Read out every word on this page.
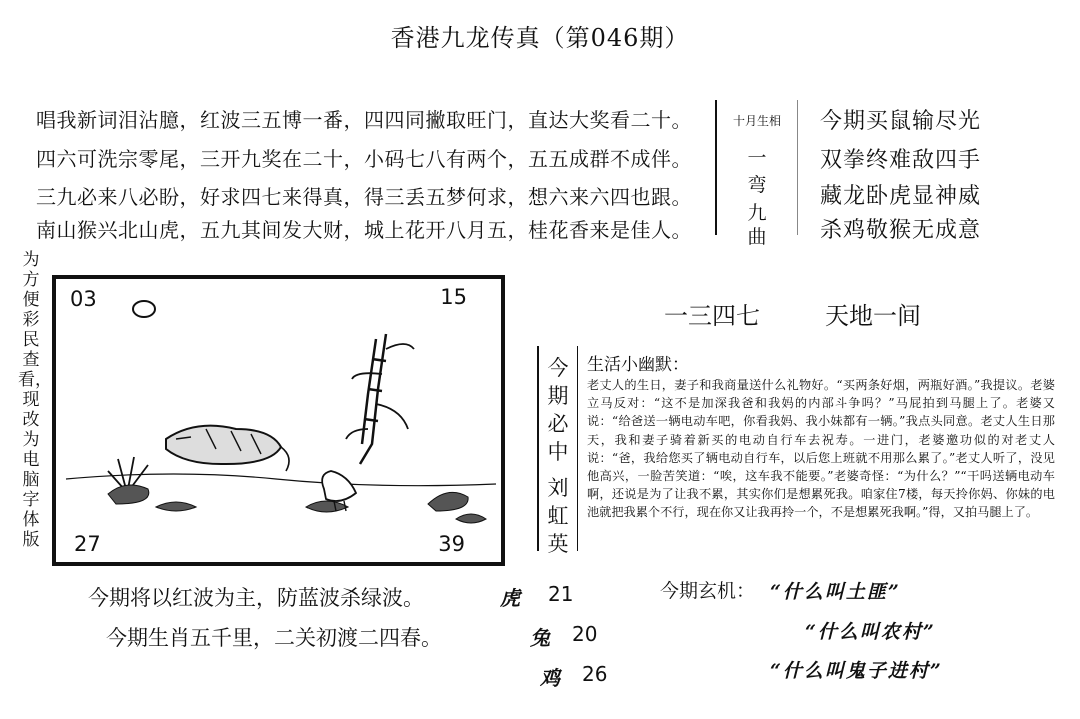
香港九龙传真（第046期）
唱我新词泪沾臆，红波三五博一番，四四同撇取旺门，直达大奖看二十。
四六可洗宗零尾，三开九奖在二十，小码七八有两个，五五成群不成伴。
三九必来八必盼，好求四七来得真，得三丢五梦何求，想六来六四也跟。
南山猴兴北山虎，五九其间发大财，城上花开八月五，桂花香来是佳人。
十月生相
一
弯
九
曲
今期买鼠输尽光
双拳终难敌四手
藏龙卧虎显神威
杀鸡敬猴无成意
为方便彩民查看，现改为电脑字体版
03	15
27	39
一三四七	天地一间
今
期
必
中
刘
虹
英
生活小幽默：
老丈人的生日，妻子和我商量送什么礼物好。“买两条好烟，两瓶好酒。”我提议。老婆立马反对：“这不是加深我爸和我妈的内部斗争吗？”马屁拍到马腿上了。老婆又说：“给爸送一辆电动车吧，你看我妈、我小妹都有一辆。”我点头同意。老丈人生日那天，我和妻子骑着新买的电动自行车去祝寿。一进门，老婆邀功似的对老丈人说：“爸，我给您买了辆电动自行车，以后您上班就不用那么累了。”老丈人听了，没见他高兴，一脸苦笑道：“唉，这车我不能要。”老婆奇怪：“为什么？”“干吗送辆电动车啊，还说是为了让我不累，其实你们是想累死我。咱家住7楼，每天拎你妈、你妹的电池就把我累个不行，现在你又让我再拎一个，不是想累死我啊。”得，又拍马腿上了。
今期将以红波为主，防蓝波杀绿波。
今期生肖五千里，二关初渡二四春。
虎 21
兔 20
鸡 26
今期玄机： “什么叫土匪”
“什么叫农村”
“什么叫鬼子进村”
